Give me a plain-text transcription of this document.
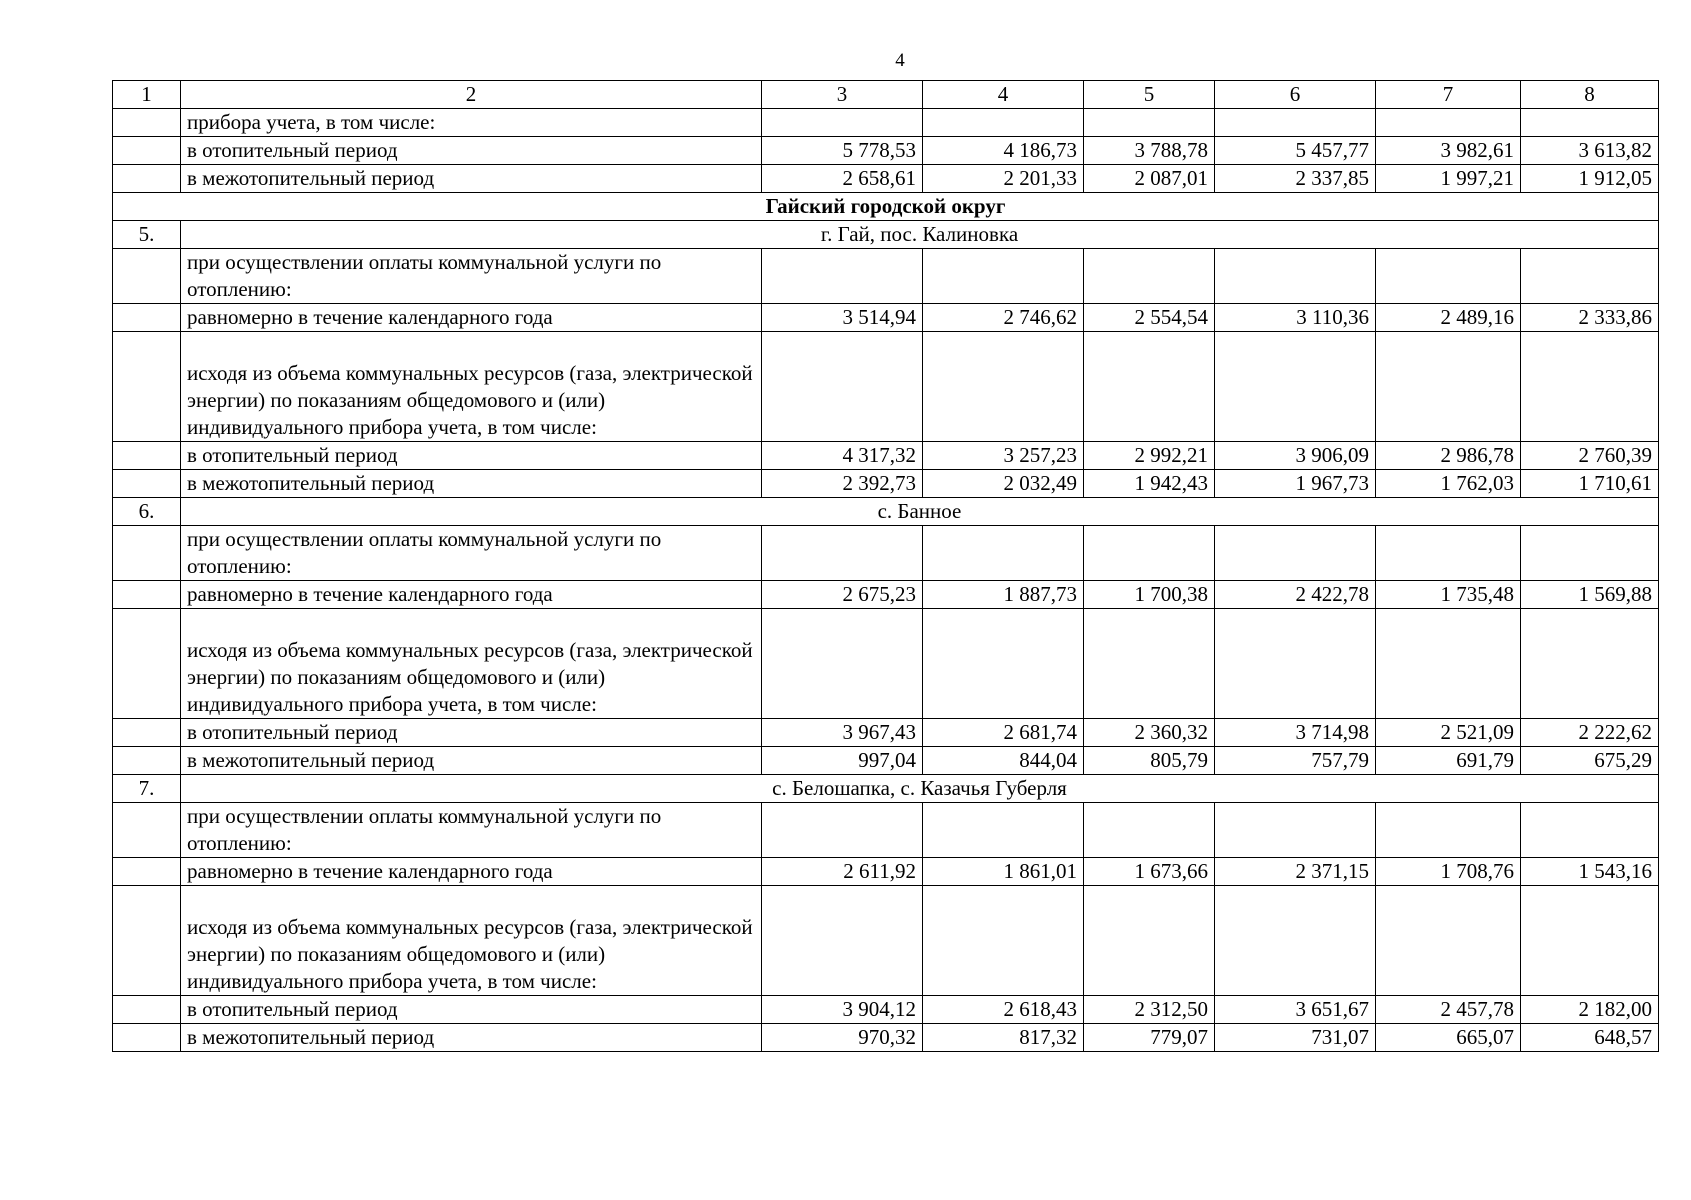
4
1	2	3	4	5	6	7	8
	прибора учета, в том числе:						
	в отопительный период	5 778,53	4 186,73	3 788,78	5 457,77	3 982,61	3 613,82
	в межотопительный период	2 658,61	2 201,33	2 087,01	2 337,85	1 997,21	1 912,05
Гайский городской округ							
5.	г. Гай, пос. Калиновка						
	при осуществлении оплаты коммунальной услуги по отоплению:						
	равномерно в течение календарного года	3 514,94	2 746,62	2 554,54	3 110,36	2 489,16	2 333,86
	исходя из объема коммунальных ресурсов (газа, электрической энергии) по показаниям общедомового и (или) индивидуального прибора учета, в том числе:						
	в отопительный период	4 317,32	3 257,23	2 992,21	3 906,09	2 986,78	2 760,39
	в межотопительный период	2 392,73	2 032,49	1 942,43	1 967,73	1 762,03	1 710,61
6.	с. Банное						
	при осуществлении оплаты коммунальной услуги по отоплению:						
	равномерно в течение календарного года	2 675,23	1 887,73	1 700,38	2 422,78	1 735,48	1 569,88
	исходя из объема коммунальных ресурсов (газа, электрической энергии) по показаниям общедомового и (или) индивидуального прибора учета, в том числе:						
	в отопительный период	3 967,43	2 681,74	2 360,32	3 714,98	2 521,09	2 222,62
	в межотопительный период	997,04	844,04	805,79	757,79	691,79	675,29
7.	с. Белошапка, с. Казачья Губерля						
	при осуществлении оплаты коммунальной услуги по отоплению:						
	равномерно в течение календарного года	2 611,92	1 861,01	1 673,66	2 371,15	1 708,76	1 543,16
	исходя из объема коммунальных ресурсов (газа, электрической энергии) по показаниям общедомового и (или) индивидуального прибора учета, в том числе:						
	в отопительный период	3 904,12	2 618,43	2 312,50	3 651,67	2 457,78	2 182,00
	в межотопительный период	970,32	817,32	779,07	731,07	665,07	648,57
